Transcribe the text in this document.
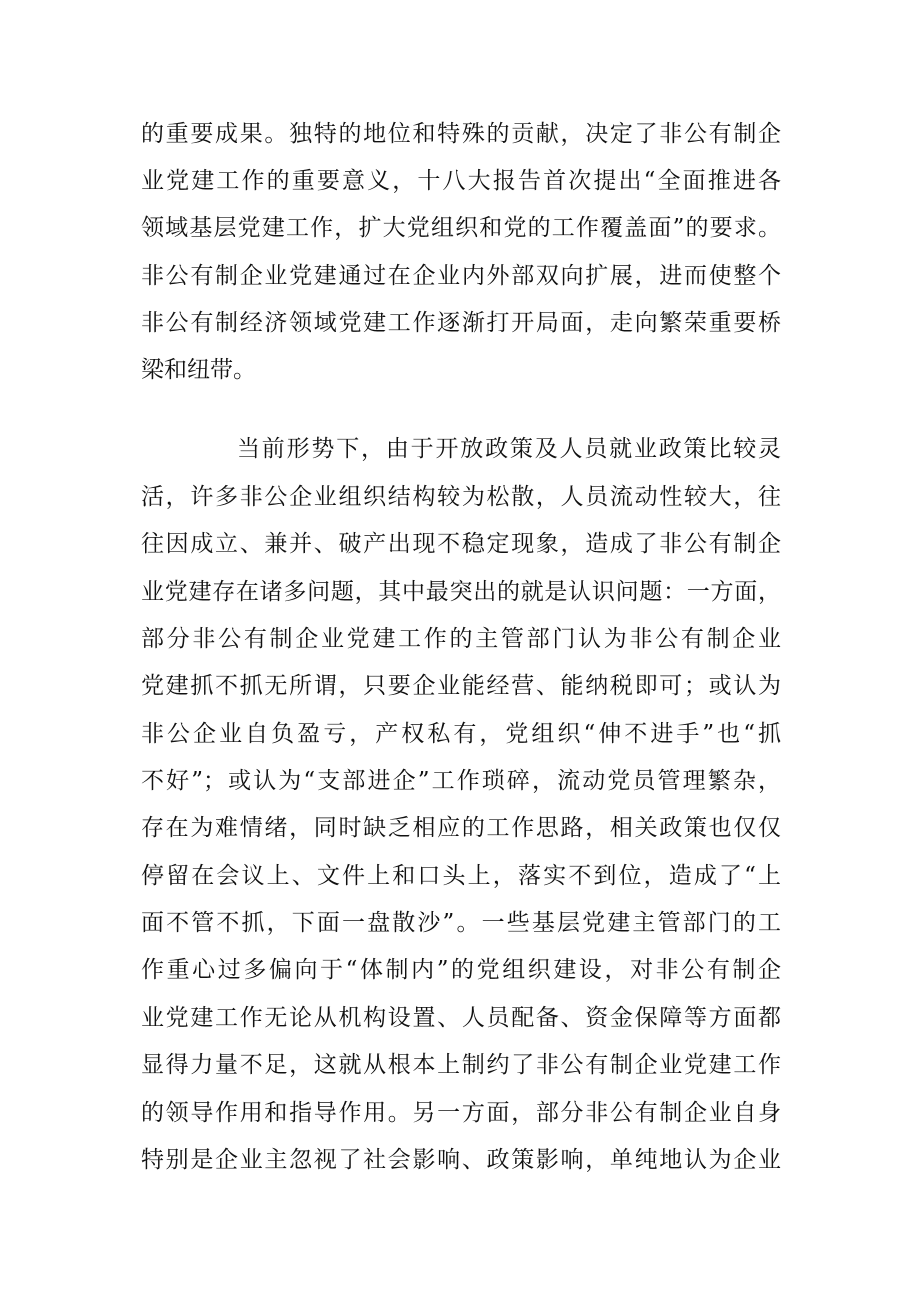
的重要成果。独特的地位和特殊的贡献，决定了非公有制企
业党建工作的重要意义，十八大报告首次提出“全面推进各
领域基层党建工作，扩大党组织和党的工作覆盖面”的要求。
非公有制企业党建通过在企业内外部双向扩展，进而使整个
非公有制经济领域党建工作逐渐打开局面，走向繁荣重要桥
梁和纽带。
当前形势下，由于开放政策及人员就业政策比较灵
活，许多非公企业组织结构较为松散，人员流动性较大，往
往因成立、兼并、破产出现不稳定现象，造成了非公有制企
业党建存在诸多问题，其中最突出的就是认识问题：一方面，
部分非公有制企业党建工作的主管部门认为非公有制企业
党建抓不抓无所谓，只要企业能经营、能纳税即可；或认为
非公企业自负盈亏，产权私有，党组织“伸不进手”也“抓
不好”；或认为“支部进企”工作琐碎，流动党员管理繁杂，
存在为难情绪，同时缺乏相应的工作思路，相关政策也仅仅
停留在会议上、文件上和口头上，落实不到位，造成了“上
面不管不抓，下面一盘散沙”。一些基层党建主管部门的工
作重心过多偏向于“体制内”的党组织建设，对非公有制企
业党建工作无论从机构设置、人员配备、资金保障等方面都
显得力量不足，这就从根本上制约了非公有制企业党建工作
的领导作用和指导作用。另一方面，部分非公有制企业自身
特别是企业主忽视了社会影响、政策影响，单纯地认为企业
